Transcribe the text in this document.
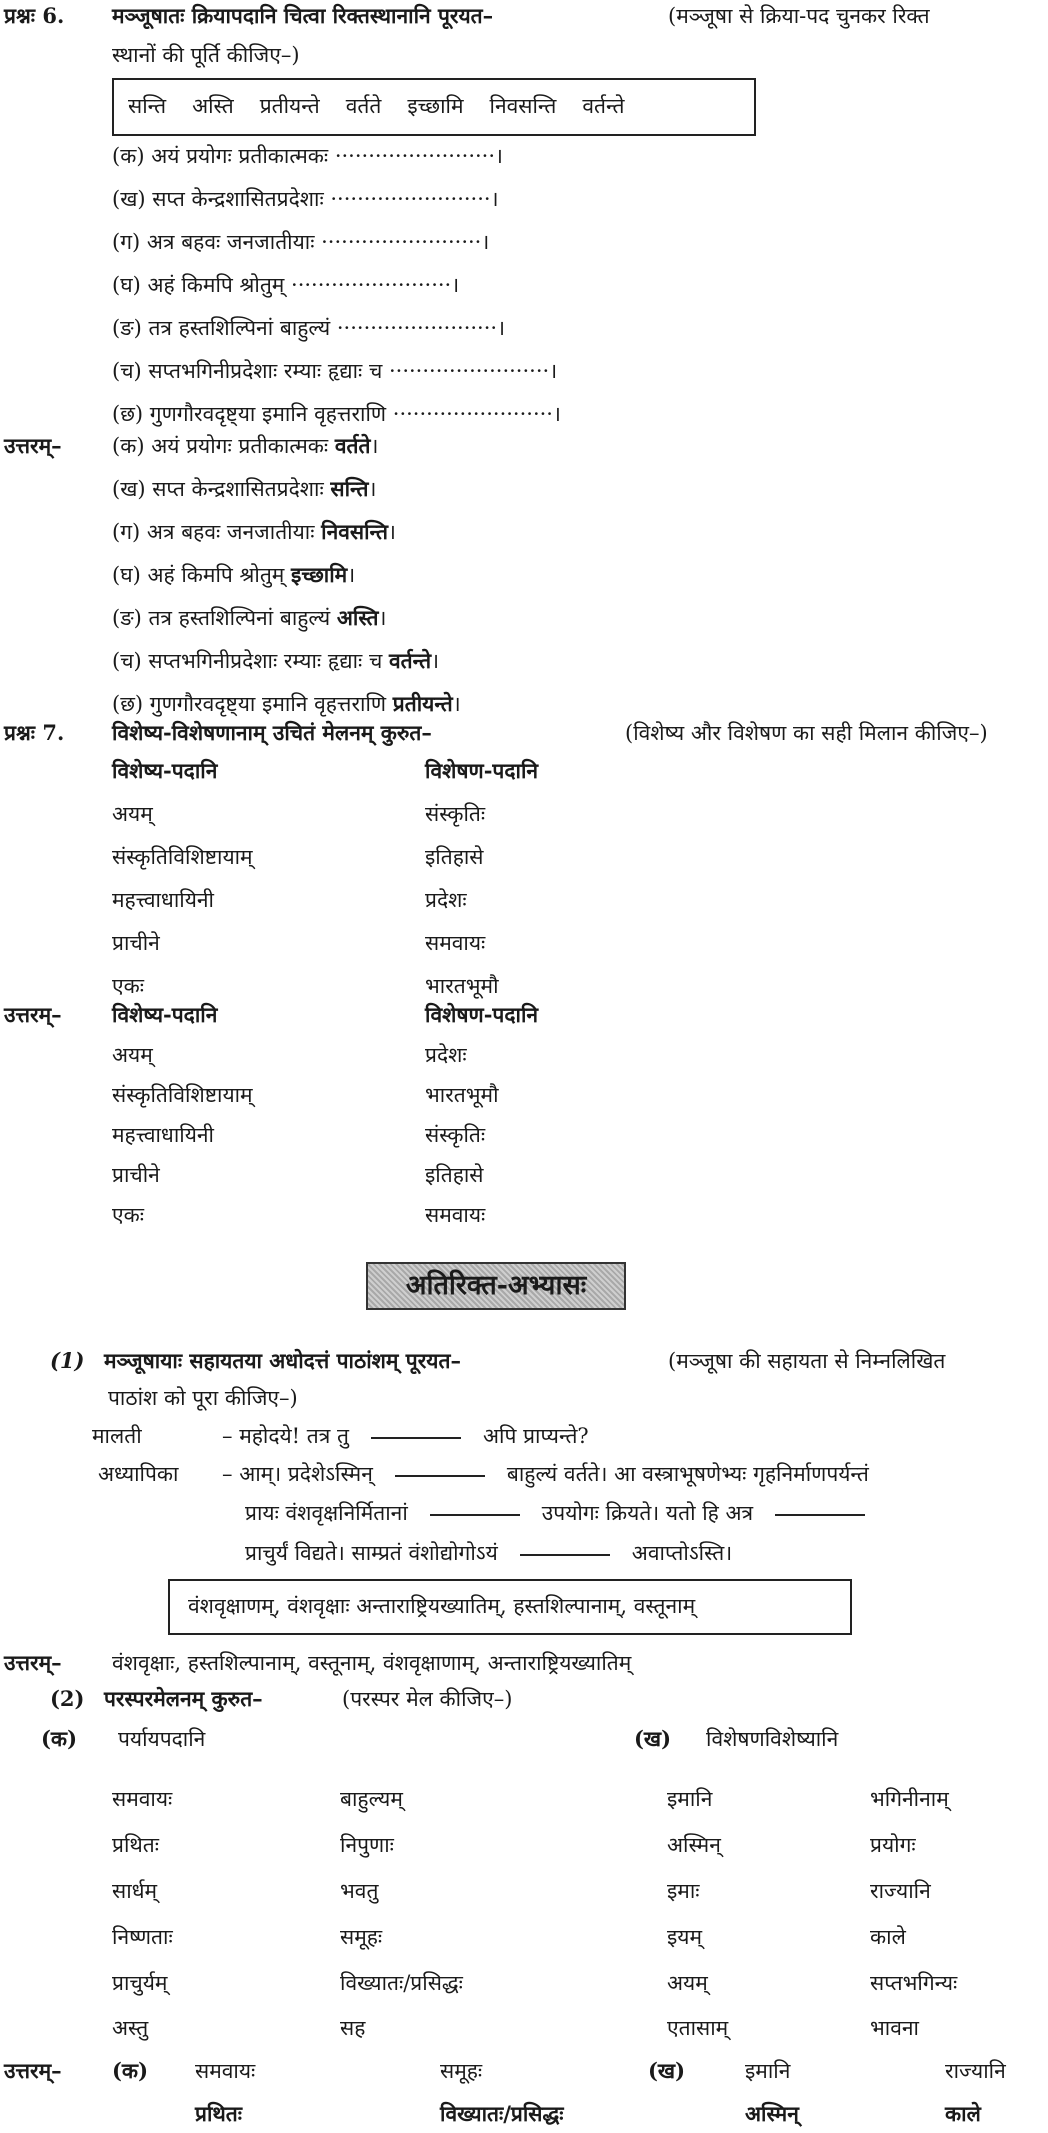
प्रश्नः 6. मञ्जूषातः क्रियापदानि चित्वा रिक्तस्थानानि पूरयत–	(मञ्जूषा से क्रिया-पद चुनकर रिक्त
स्थानों की पूर्ति कीजिए–)
सन्ति अस्ति प्रतीयन्ते वर्तते इच्छामि निवसन्ति वर्तन्ते
(क) अयं प्रयोगः प्रतीकात्मकः ························।
(ख) सप्त केन्द्रशासितप्रदेशाः ························।
(ग) अत्र बहवः जनजातीयाः ························।
(घ) अहं किमपि श्रोतुम् ························।
(ङ) तत्र हस्तशिल्पिनां बाहुल्यं ························।
(च) सप्तभगिनीप्रदेशाः रम्याः हृद्याः च ························।
(छ) गुणगौरवदृष्ट्या इमानि वृहत्तराणि ························।
उत्तरम्– (क) अयं प्रयोगः प्रतीकात्मकः वर्तते।
(ख) सप्त केन्द्रशासितप्रदेशाः सन्ति।
(ग) अत्र बहवः जनजातीयाः निवसन्ति।
(घ) अहं किमपि श्रोतुम् इच्छामि।
(ङ) तत्र हस्तशिल्पिनां बाहुल्यं अस्ति।
(च) सप्तभगिनीप्रदेशाः रम्याः हृद्याः च वर्तन्ते।
(छ) गुणगौरवदृष्ट्या इमानि वृहत्तराणि प्रतीयन्ते।
प्रश्नः 7. विशेष्य-विशेषणानाम् उचितं मेलनम् कुरुत–	(विशेष्य और विशेषण का सही मिलान कीजिए–)
विशेष्य-पदानि	विशेषण-पदानि
अयम्	संस्कृतिः
संस्कृतिविशिष्टायाम्	इतिहासे
महत्त्वाधायिनी	प्रदेशः
प्राचीने	समवायः
एकः	भारतभूमौ
उत्तरम्– विशेष्य-पदानि	विशेषण-पदानि
अयम्	प्रदेशः
संस्कृतिविशिष्टायाम्	भारतभूमौ
महत्त्वाधायिनी	संस्कृतिः
प्राचीने	इतिहासे
एकः	समवायः
अतिरिक्त-अभ्यासः
(1) मञ्जूषायाः सहायतया अधोदत्तं पाठांशम् पूरयत–	(मञ्जूषा की सहायता से निम्नलिखित
पाठांश को पूरा कीजिए–)
मालती	– महोदये! तत्र तु	अपि प्राप्यन्ते?
अध्यापिका – आम्। प्रदेशेऽस्मिन्	बाहुल्यं वर्तते। आ वस्त्राभूषणेभ्यः गृहनिर्माणपर्यन्तं
प्रायः वंशवृक्षनिर्मितानां	उपयोगः क्रियते। यतो हि अत्र
प्राचुर्यं विद्यते। साम्प्रतं वंशोद्योगोऽयं	अवाप्तोऽस्ति।
वंशवृक्षाणम्, वंशवृक्षाः अन्ताराष्ट्रियख्यातिम्, हस्तशिल्पानाम्, वस्तूनाम्
उत्तरम्– वंशवृक्षाः, हस्तशिल्पानाम्, वस्तूनाम्, वंशवृक्षाणाम्, अन्ताराष्ट्रियख्यातिम्
(2) परस्परमेलनम् कुरुत–	(परस्पर मेल कीजिए–)
(क) पर्यायपदानि	(ख) विशेषणविशेष्यानि
समवायः	बाहुल्यम्	इमानि	भगिनीनाम्
प्रथितः	निपुणाः	अस्मिन्	प्रयोगः
सार्धम्	भवतु	इमाः	राज्यानि
निष्णताः	समूहः	इयम्	काले
प्राचुर्यम्	विख्यातः/प्रसिद्धः	अयम्	सप्तभगिन्यः
अस्तु	सह	एतासाम्	भावना
उत्तरम्– (क) समवायः	समूहः	(ख)	इमानि	राज्यानि
प्रथितः	विख्यातः/प्रसिद्धः	अस्मिन्	काले
